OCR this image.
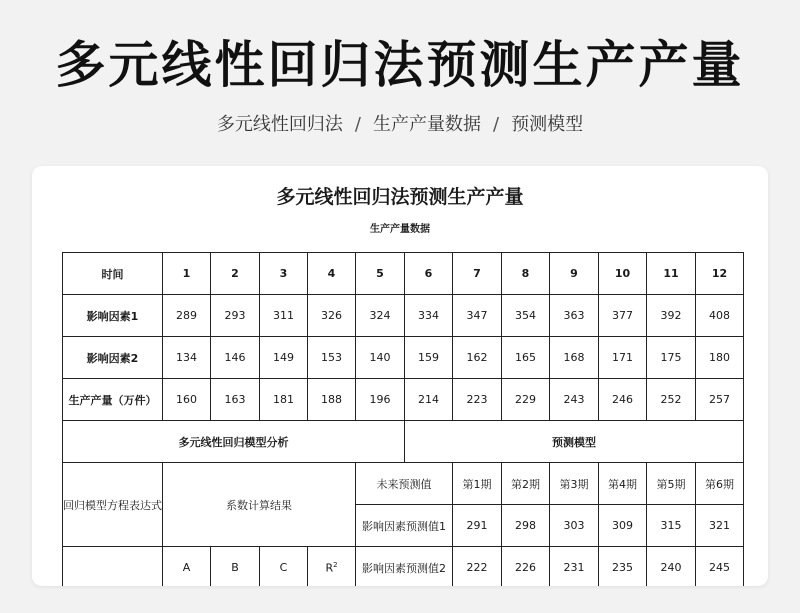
多元线性回归法预测生产产量
多元线性回归法 / 生产产量数据 / 预测模型
多元线性回归法预测生产产量
生产产量数据
时间	1	2	3	4	5	6	7	8	9	10	11	12
影响因素1	289	293	311	326	324	334	347	354	363	377	392	408
影响因素2	134	146	149	153	140	159	162	165	168	171	175	180
生产产量（万件）	160	163	181	188	196	214	223	229	243	246	252	257
多元线性回归模型分析						预测模型						
回归模型方程表达式	系数计算结果				未来预测值		第1期	第2期	第3期	第4期	第5期	第6期
					影响因素预测值1		291	298	303	309	315	321
	A	B	C	$R^2$	影响因素预测值2		222	226	231	235	240	245
